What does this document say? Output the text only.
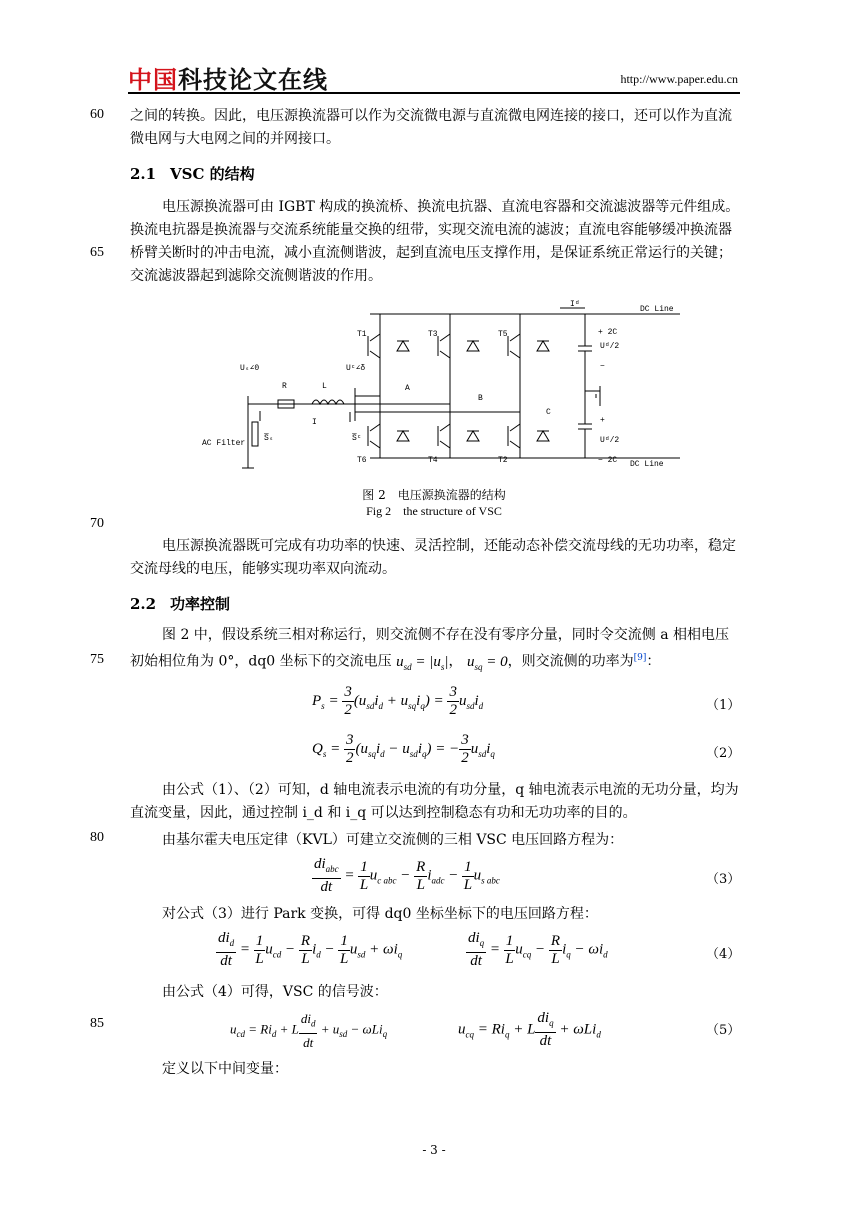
中国科技论文在线	http://www.paper.edu.cn
60
65
70
75
80
85
之间的转换。因此，电压源换流器可以作为交流微电源与直流微电网连接的接口，还可以作为直流微电网与大电网之间的并网接口。
2.1 VSC 的结构
电压源换流器可由 IGBT 构成的换流桥、换流电抗器、直流电容器和交流滤波器等元件组成。换流电抗器是换流器与交流系统能量交换的纽带，实现交流电流的滤波；直流电容能够缓冲换流器桥臂关断时的冲击电流，减小直流侧谐波，起到直流电压支撑作用，是保证系统正常运行的关键；交流滤波器起到滤除交流侧谐波的作用。
DC Line
DC Line
AC Filter
Uₛ∠0	Uᶜ∠δ
R	L
I
S̅ₛ	S̅ᶜ
A
B
C
T1	T3	T5
T2
T4
T6
Iᵈ
+ 2C
Uᵈ/2
−
+
Uᵈ/2
− 2C
图 2　电压源换流器的结构
Fig 2　the structure of VSC
电压源换流器既可完成有功功率的快速、灵活控制，还能动态补偿交流母线的无功功率，稳定交流母线的电压，能够实现功率双向流动。
2.2 功率控制
图 2 中，假设系统三相对称运行，则交流侧不存在没有零序分量，同时令交流侧 a 相相电压初始相位角为 0°，dq0 坐标下的交流电压 $u_{sd} = |u_s|$， $u_{sq} = 0$，则交流侧的功率为[9]：
$P_s = \frac{3}{2} (u_{sd}i_d + u_{sq}i_q) = \frac{3}{2} u_{sd}i_d$	（1）
$Q_s = \frac{3}{2} (u_{sq}i_d - u_{sd}i_q)$ = − $\frac{3}{2} u_{sd}i_q$	（2）
由公式（1）、（2）可知，d 轴电流表示电流的有功分量，q 轴电流表示电流的无功分量，均为直流变量，因此，通过控制 i_d 和 i_q 可以达到控制稳态有功和无功功率的目的。
由基尔霍夫电压定律（KVL）可建立交流侧的三相 VSC 电压回路方程为：
$\frac{di_{abc}}{dt} = \frac{1}{L} u_{c abc} - \frac{R}{L} i_{adc} - \frac{1}{L} u_{s abc}$	（3）
对公式（3）进行 Park 变换，可得 dq0 坐标坐标下的电压回路方程：
$\frac{di_d}{dt} = \frac{1}{L} u_{cd} - \frac{R}{L} i_d - \frac{1}{L} u_{sd} + \omega i_q$	$\frac{di_q}{dt} = \frac{1}{L} u_{cq} - \frac{R}{L} i_q - \omega i_d$	（4）
由公式（4）可得，VSC 的信号波：
$u_{cd} = Ri_d + L \frac{di_d}{dt} + u_{sd} - \omega Li_q$	$u_{cq} = Ri_q + L \frac{di_q}{dt} + \omega Li_d$	（5）
定义以下中间变量：
- 3 -
